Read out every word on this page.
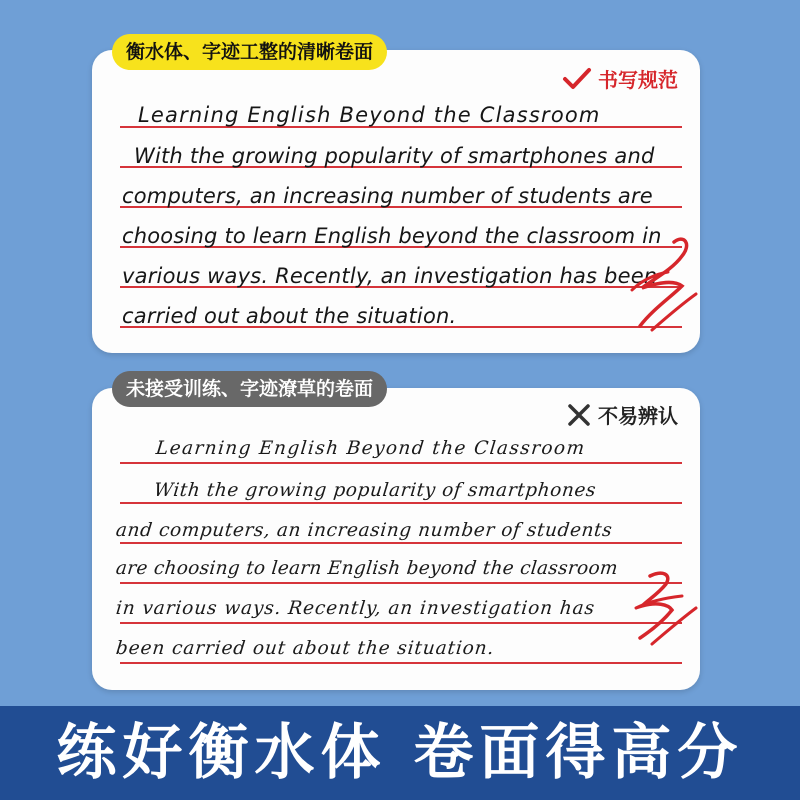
衡水体、字迹工整的清晰卷面
书写规范
Learning English Beyond the Classroom
With the growing popularity of smartphones and
computers, an increasing number of students are
choosing to learn English beyond the classroom in
various ways. Recently, an investigation has been
carried out about the situation.
未接受训练、字迹潦草的卷面
不易辨认
Learning English Beyond the Classroom
With the growing popularity of smartphones
and computers, an increasing number of students
are choosing to learn English beyond the classroom
in various ways. Recently, an investigation has
been carried out about the situation.
练好衡水体 卷面得高分
